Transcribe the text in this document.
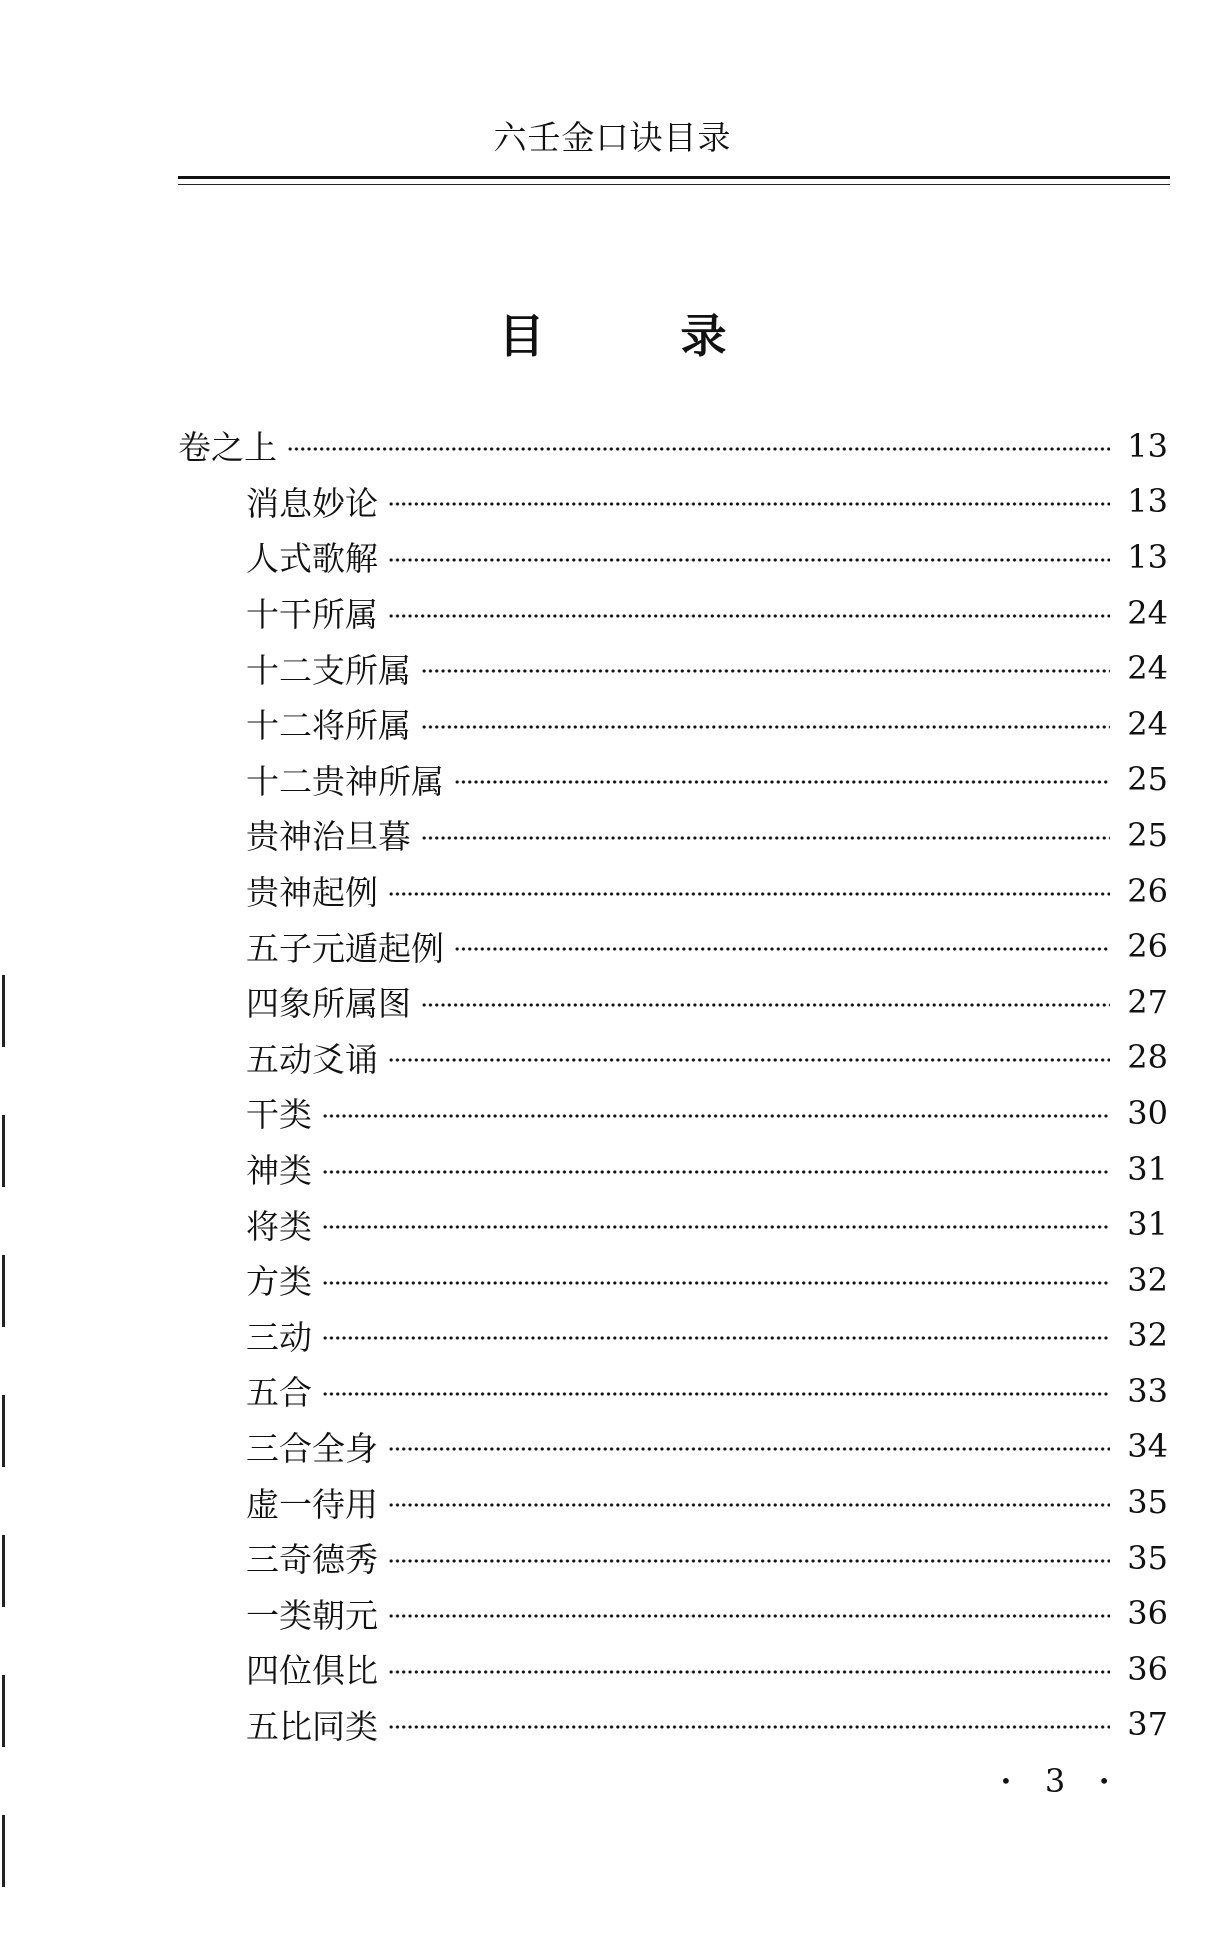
六壬金口诀目录
目 录
卷之上	13
消息妙论	13
人式歌解	13
十干所属	24
十二支所属	24
十二将所属	24
十二贵神所属	25
贵神治旦暮	25
贵神起例	26
五子元遁起例	26
四象所属图	27
五动爻诵	28
干类	30
神类	31
将类	31
方类	32
三动	32
五合	33
三合全身	34
虚一待用	35
三奇德秀	35
一类朝元	36
四位俱比	36
五比同类	37
• 3 •
